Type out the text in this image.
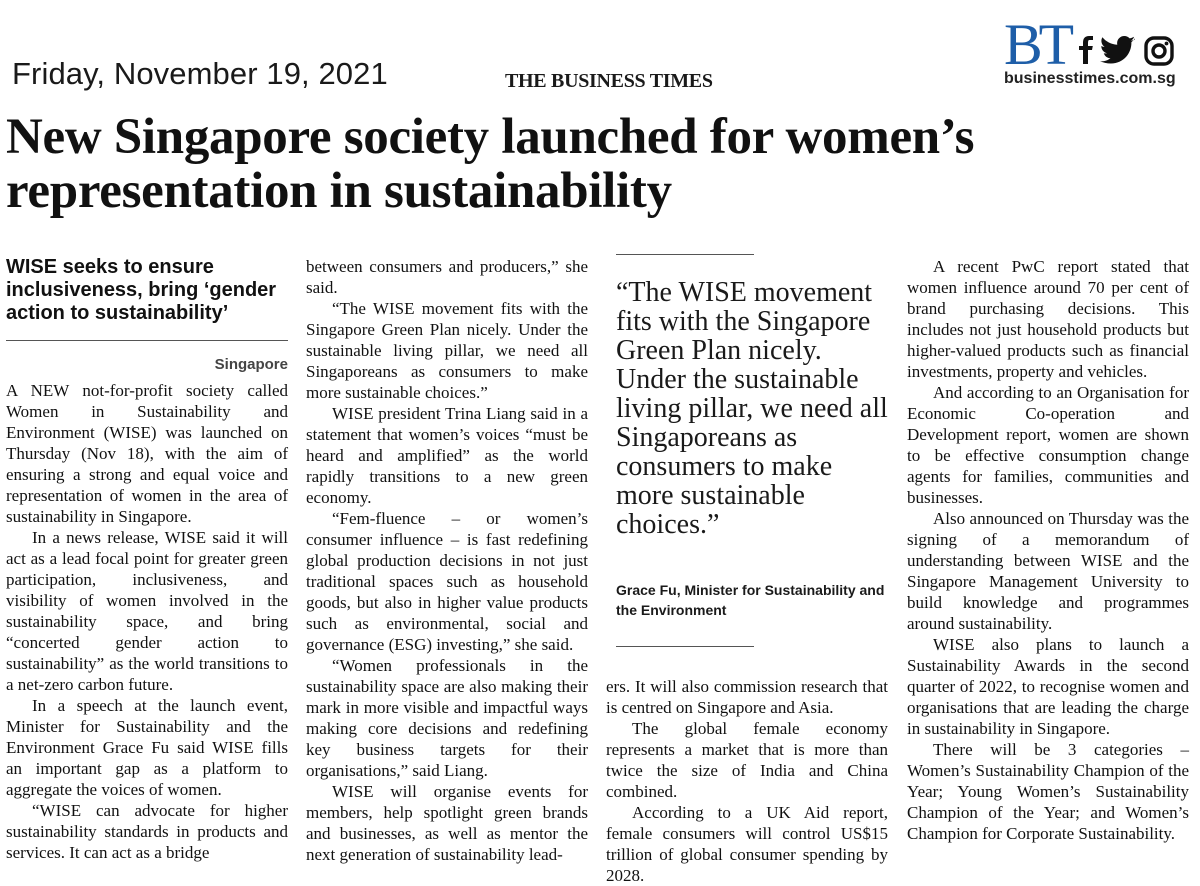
Friday, November 19, 2021	THE BUSINESS TIMES
BT
businesstimes.com.sg
New Singapore society launched for women’s representation in sustainability
WISE seeks to ensure inclusiveness, bring ‘gender action to sustainability’
Singapore

A NEW not-for-profit society called Women in Sustainability and Environment (WISE) was launched on Thursday (Nov 18), with the aim of ensuring a strong and equal voice and representation of women in the area of sustainability in Singapore.

In a news release, WISE said it will act as a lead focal point for greater green participation, inclusiveness, and visibility of women involved in the sustainability space, and bring “concerted gender action to sustainability” as the world transitions to a net-zero carbon future.

In a speech at the launch event, Minister for Sustainability and the Environment Grace Fu said WISE fills an important gap as a platform to aggregate the voices of women.

“WISE can advocate for higher sustainability standards in products and services. It can act as a bridge

between consumers and producers,” she said.

“The WISE movement fits with the Singapore Green Plan nicely. Under the sustainable living pillar, we need all Singaporeans as consumers to make more sustainable choices.”

WISE president Trina Liang said in a statement that women’s voices “must be heard and amplified” as the world rapidly transitions to a new green economy.

“Fem-fluence – or women’s consumer influence – is fast redefining global production decisions in not just traditional spaces such as household goods, but also in higher value products such as environmental, social and governance (ESG) investing,” she said.

“Women professionals in the sustainability space are also making their mark in more visible and impactful ways making core decisions and redefining key business targets for their organisations,” said Liang.

WISE will organise events for members, help spotlight green brands and businesses, as well as mentor the next generation of sustainability lead-

“The WISE movement fits with the Singapore Green Plan nicely. Under the sustainable living pillar, we need all Singaporeans as consumers to make more sustainable choices.”

Grace Fu, Minister for Sustainability and the Environment

ers. It will also commission research that is centred on Singapore and Asia.

The global female economy represents a market that is more than twice the size of India and China combined.

According to a UK Aid report, female consumers will control US$15 trillion of global consumer spending by 2028.

A recent PwC report stated that women influence around 70 per cent of brand purchasing decisions. This includes not just household products but higher-valued products such as financial investments, property and vehicles.

And according to an Organisation for Economic Co-operation and Development report, women are shown to be effective consumption change agents for families, communities and businesses.

Also announced on Thursday was the signing of a memorandum of understanding between WISE and the Singapore Management University to build knowledge and programmes around sustainability.

WISE also plans to launch a Sustainability Awards in the second quarter of 2022, to recognise women and organisations that are leading the charge in sustainability in Singapore.

There will be 3 categories – Women’s Sustainability Champion of the Year; Young Women’s Sustainability Champion of the Year; and Women’s Champion for Corporate Sustainability.
